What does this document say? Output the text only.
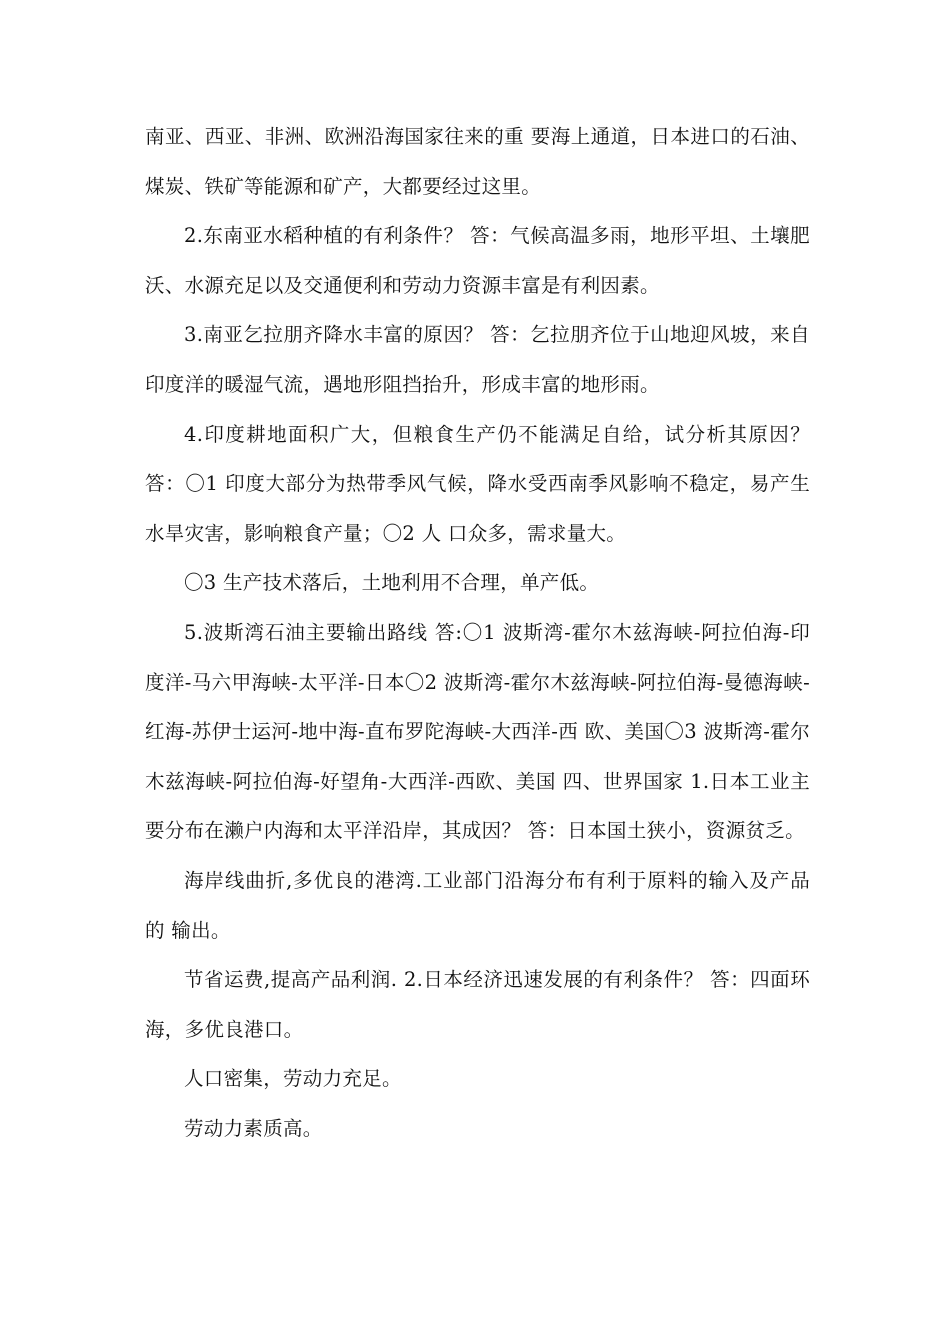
南亚、西亚、非洲、欧洲沿海国家往来的重 要海上通道，日本进口的石油、煤炭、铁矿等能源和矿产，大都要经过这里。

2.东南亚水稻种植的有利条件？ 答：气候高温多雨，地形平坦、土壤肥沃、水源充足以及交通便利和劳动力资源丰富是有利因素。

3.南亚乞拉朋齐降水丰富的原因？ 答：乞拉朋齐位于山地迎风坡，来自印度洋的暖湿气流，遇地形阻挡抬升，形成丰富的地形雨。

4.印度耕地面积广大，但粮食生产仍不能满足自给，试分析其原因？ 答：〇1 印度大部分为热带季风气候，降水受西南季风影响不稳定，易产生水旱灾害，影响粮食产量；〇2 人 口众多，需求量大。

〇3 生产技术落后，土地利用不合理，单产低。

5.波斯湾石油主要输出路线 答:〇1 波斯湾-霍尔木兹海峡-阿拉伯海-印度洋-马六甲海峡-太平洋-日本〇2 波斯湾-霍尔木兹海峡-阿拉伯海-曼德海峡-红海-苏伊士运河-地中海-直布罗陀海峡-大西洋-西 欧、美国〇3 波斯湾-霍尔木兹海峡-阿拉伯海-好望角-大西洋-西欧、美国 四、世界国家 1.日本工业主要分布在濑户内海和太平洋沿岸，其成因？ 答：日本国土狭小，资源贫乏。

海岸线曲折,多优良的港湾.工业部门沿海分布有利于原料的输入及产品的 输出。

节省运费,提高产品利润. 2.日本经济迅速发展的有利条件？ 答：四面环海，多优良港口。

人口密集，劳动力充足。

劳动力素质高。
